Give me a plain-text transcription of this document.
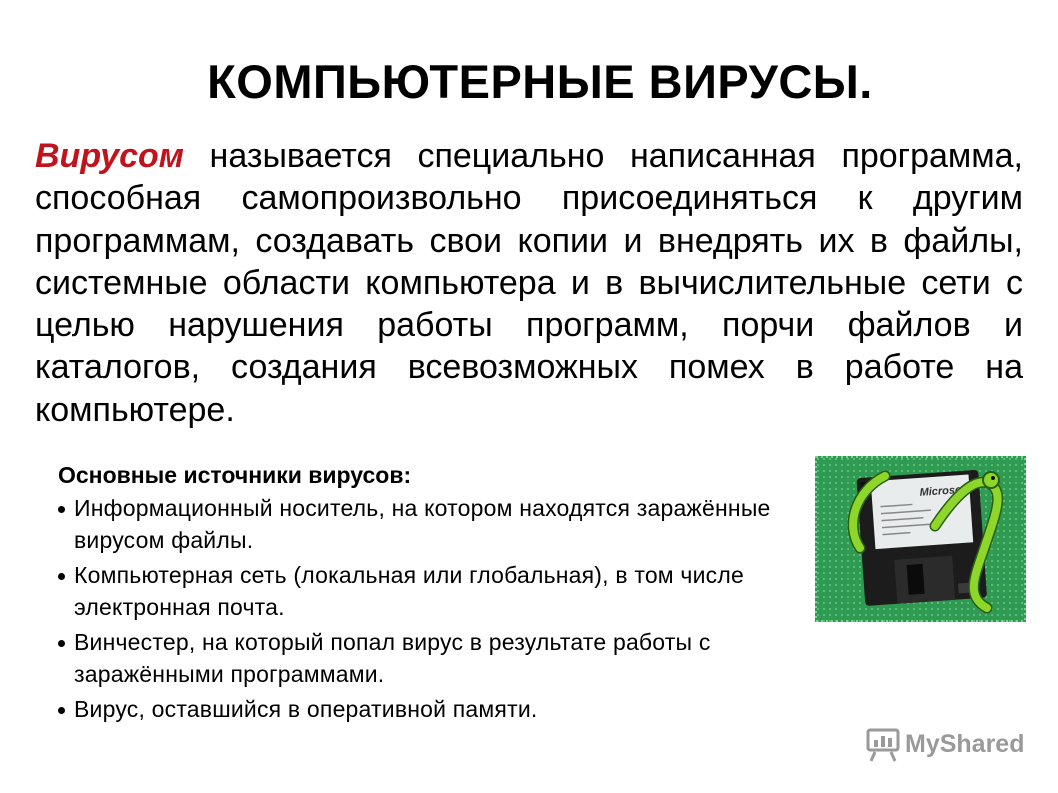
КОМПЬЮТЕРНЫЕ ВИРУСЫ.

Вирусом называется специально написанная программа, способная самопроизвольно присоединяться к другим программам, создавать свои копии и внедрять их в файлы, системные области компьютера и в вычислительные сети с целью нарушения работы программ, порчи файлов и каталогов, создания всевозможных помех в работе на компьютере.

Основные источники вирусов:

Информационный носитель, на котором находятся заражённые вирусом файлы.
Компьютерная сеть (локальная или глобальная), в том числе электронная почта.
Винчестер, на который попал вирус в результате работы с заражёнными программами.
Вирус, оставшийся в оперативной памяти.
Microsoft
MyShared
